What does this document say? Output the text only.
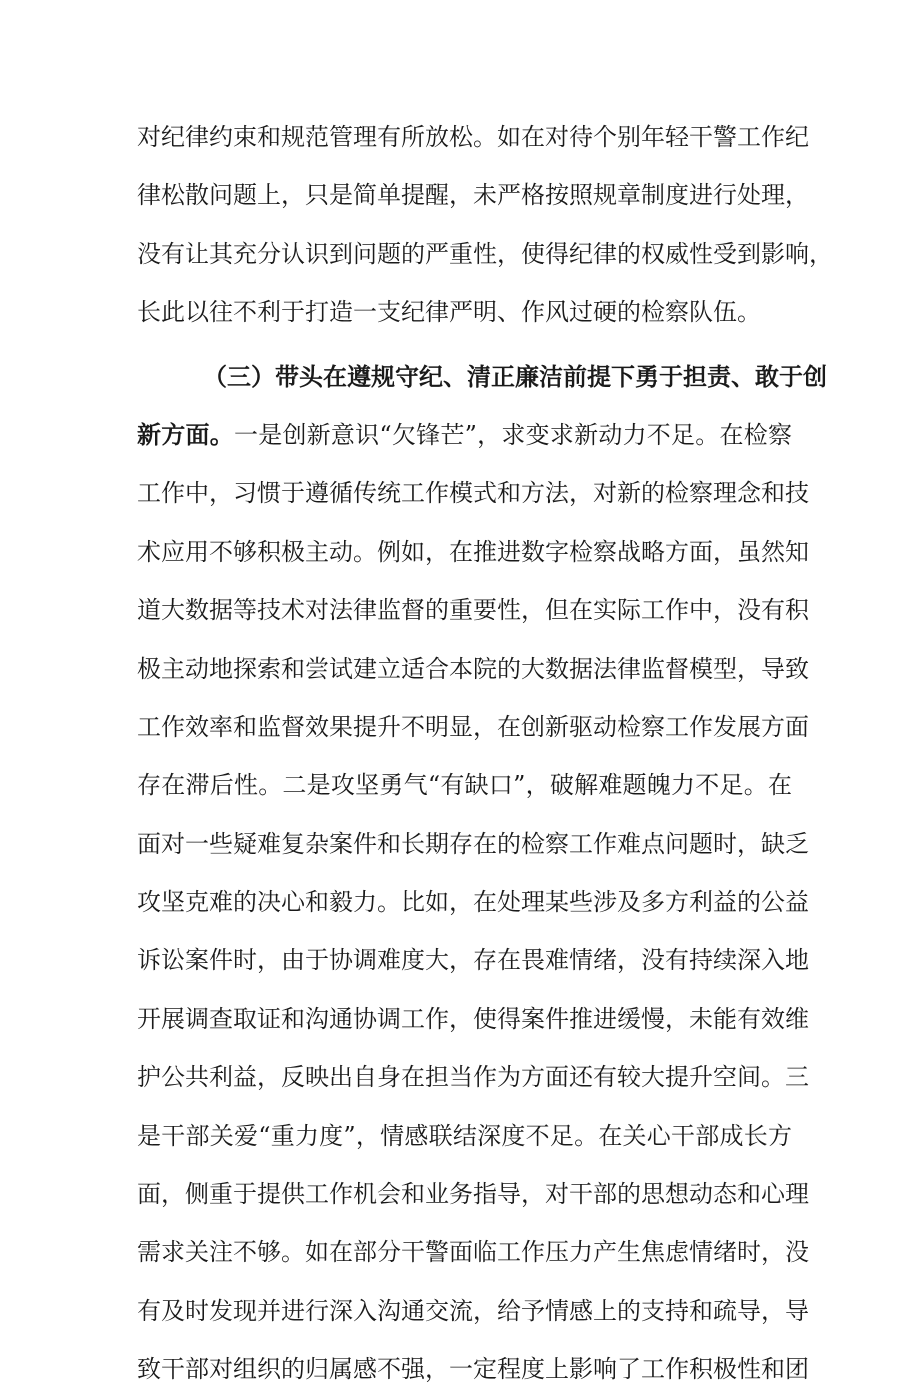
对纪律约束和规范管理有所放松。如在对待个别年轻干警工作纪
律松散问题上，只是简单提醒，未严格按照规章制度进行处理，
没有让其充分认识到问题的严重性，使得纪律的权威性受到影响，
长此以往不利于打造一支纪律严明、作风过硬的检察队伍。
（三）带头在遵规守纪、清正廉洁前提下勇于担责、敢于创
新方面。一是创新意识“欠锋芒”，求变求新动力不足。在检察
工作中，习惯于遵循传统工作模式和方法，对新的检察理念和技
术应用不够积极主动。例如，在推进数字检察战略方面，虽然知
道大数据等技术对法律监督的重要性，但在实际工作中，没有积
极主动地探索和尝试建立适合本院的大数据法律监督模型，导致
工作效率和监督效果提升不明显，在创新驱动检察工作发展方面
存在滞后性。二是攻坚勇气“有缺口”，破解难题魄力不足。在
面对一些疑难复杂案件和长期存在的检察工作难点问题时，缺乏
攻坚克难的决心和毅力。比如，在处理某些涉及多方利益的公益
诉讼案件时，由于协调难度大，存在畏难情绪，没有持续深入地
开展调查取证和沟通协调工作，使得案件推进缓慢，未能有效维
护公共利益，反映出自身在担当作为方面还有较大提升空间。三
是干部关爱“重力度”，情感联结深度不足。在关心干部成长方
面，侧重于提供工作机会和业务指导，对干部的思想动态和心理
需求关注不够。如在部分干警面临工作压力产生焦虑情绪时，没
有及时发现并进行深入沟通交流，给予情感上的支持和疏导，导
致干部对组织的归属感不强，一定程度上影响了工作积极性和团
